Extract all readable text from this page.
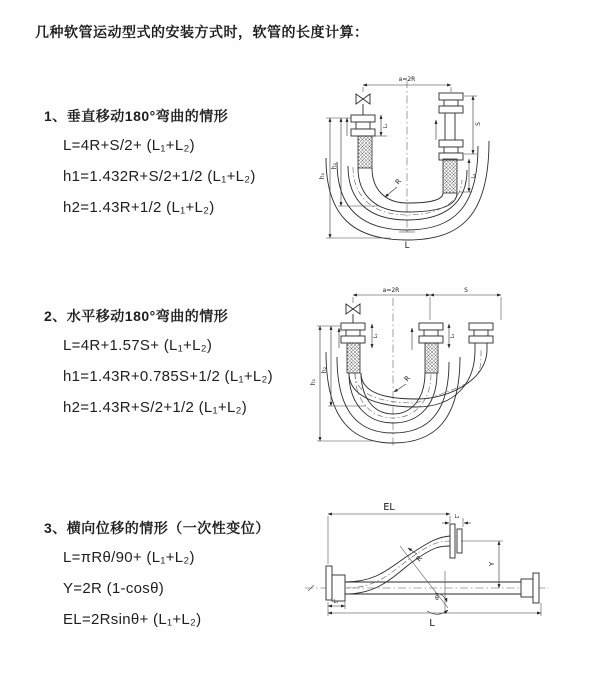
几种软管运动型式的安装方式时，软管的长度计算：
1、垂直移动180°弯曲的情形
L=4R+S/2+ (L₁+L₂)
h1=1.432R+S/2+1/2 (L₁+L₂)
h2=1.43R+1/2 (L₁+L₂)
a=2R
R
h₁
h₂
L₁	S
L₂
L
2、水平移动180°弯曲的情形
L=4R+1.57S+ (L₁+L₂)
h1=1.43R+0.785S+1/2 (L₁+L₂)
h2=1.43R+S/2+1/2 (L₁+L₂)
a=2R	S
L₁	L₂
R
h₁
h₂
3、横向位移的情形（一次性变位）
L=πRθ/90+ (L₁+L₂)
Y=2R (1-cosθ)
EL=2Rsinθ+ (L₁+L₂)
EL
L₂
Y
R
θ
L₁
L
